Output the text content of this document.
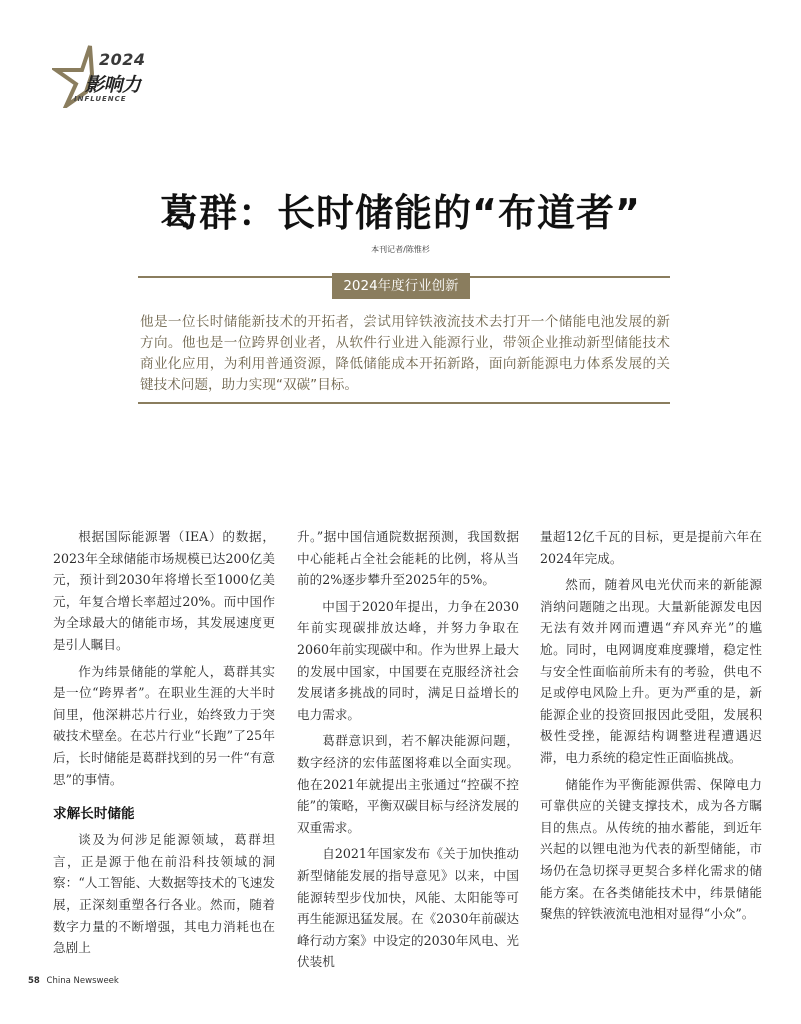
2024
影响力
INFLUENCE
葛群：长时储能的“布道者”
本刊记者/陈惟杉
2024年度行业创新
他是一位长时储能新技术的开拓者，尝试用锌铁液流技术去打开一个储能电池发展的新方向。他也是一位跨界创业者，从软件行业进入能源行业，带领企业推动新型储能技术商业化应用，为利用普通资源，降低储能成本开拓新路，面向新能源电力体系发展的关键技术问题，助力实现“双碳”目标。

根据国际能源署（IEA）的数据，2023年全球储能市场规模已达200亿美元，预计到2030年将增长至1000亿美元，年复合增长率超过20%。而中国作为全球最大的储能市场，其发展速度更是引人瞩目。

作为纬景储能的掌舵人，葛群其实是一位“跨界者”。在职业生涯的大半时间里，他深耕芯片行业，始终致力于突破技术壁垒。在芯片行业“长跑”了25年后，长时储能是葛群找到的另一件“有意思”的事情。

求解长时储能

谈及为何涉足能源领域，葛群坦言，正是源于他在前沿科技领域的洞察：“人工智能、大数据等技术的飞速发展，正深刻重塑各行各业。然而，随着数字力量的不断增强，其电力消耗也在急剧上

升。”据中国信通院数据预测，我国数据中心能耗占全社会能耗的比例，将从当前的2%逐步攀升至2025年的5%。

中国于2020年提出，力争在2030年前实现碳排放达峰，并努力争取在2060年前实现碳中和。作为世界上最大的发展中国家，中国要在克服经济社会发展诸多挑战的同时，满足日益增长的电力需求。

葛群意识到，若不解决能源问题，数字经济的宏伟蓝图将难以全面实现。他在2021年就提出主张通过“控碳不控能”的策略，平衡双碳目标与经济发展的双重需求。

自2021年国家发布《关于加快推动新型储能发展的指导意见》以来，中国能源转型步伐加快，风能、太阳能等可再生能源迅猛发展。在《2030年前碳达峰行动方案》中设定的2030年风电、光伏装机

量超12亿千瓦的目标，更是提前六年在2024年完成。

然而，随着风电光伏而来的新能源消纳问题随之出现。大量新能源发电因无法有效并网而遭遇“弃风弃光”的尴尬。同时，电网调度难度骤增，稳定性与安全性面临前所未有的考验，供电不足或停电风险上升。更为严重的是，新能源企业的投资回报因此受阻，发展积极性受挫，能源结构调整进程遭遇迟滞，电力系统的稳定性正面临挑战。

储能作为平衡能源供需、保障电力可靠供应的关键支撑技术，成为各方瞩目的焦点。从传统的抽水蓄能，到近年兴起的以锂电池为代表的新型储能，市场仍在急切探寻更契合多样化需求的储能方案。在各类储能技术中，纬景储能聚焦的锌铁液流电池相对显得“小众”。

58 China Newsweek
